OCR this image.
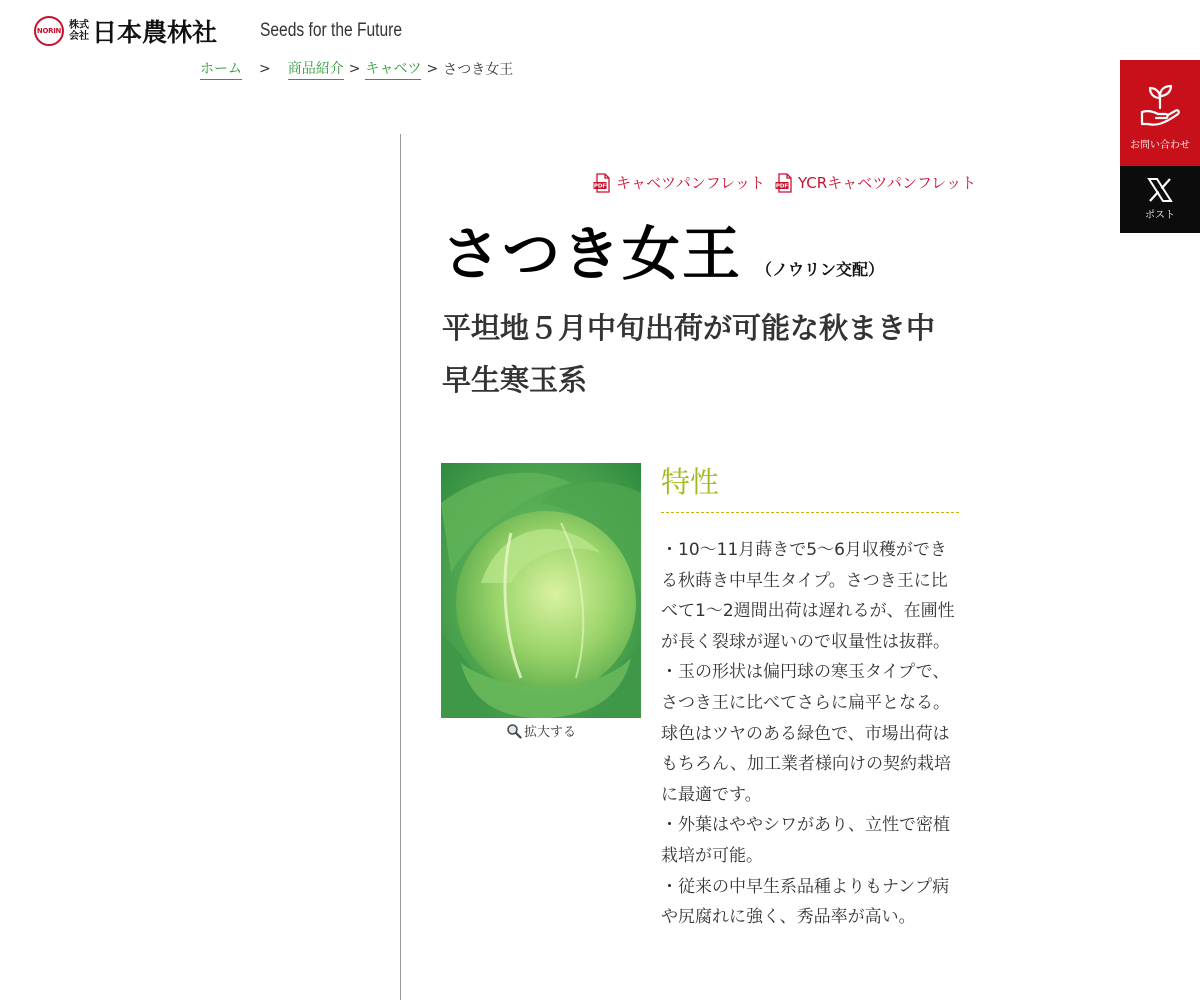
NORIN 株式
会社 日本農林社 Seeds for the Future
ホーム > 商品紹介 > キャベツ > さつき女王
お問い合わせ
ポスト
PDF キャベツパンフレット PDF YCRキャベツパンフレット
さつき女王 （ノウリン交配）
平坦地５月中旬出荷が可能な秋まき中早生寒玉系
拡大する
特性
・10〜11月蒔きで5〜6月収穫ができる秋蒔き中早生タイプ。さつき王に比べて1〜2週間出荷は遅れるが、在圃性が長く裂球が遅いので収量性は抜群。
・玉の形状は偏円球の寒玉タイプで、さつき王に比べてさらに扁平となる。球色はツヤのある緑色で、市場出荷はもちろん、加工業者様向けの契約栽培に最適です。
・外葉はややシワがあり、立性で密植栽培が可能。
・従来の中早生系品種よりもナンプ病や尻腐れに強く、秀品率が高い。
